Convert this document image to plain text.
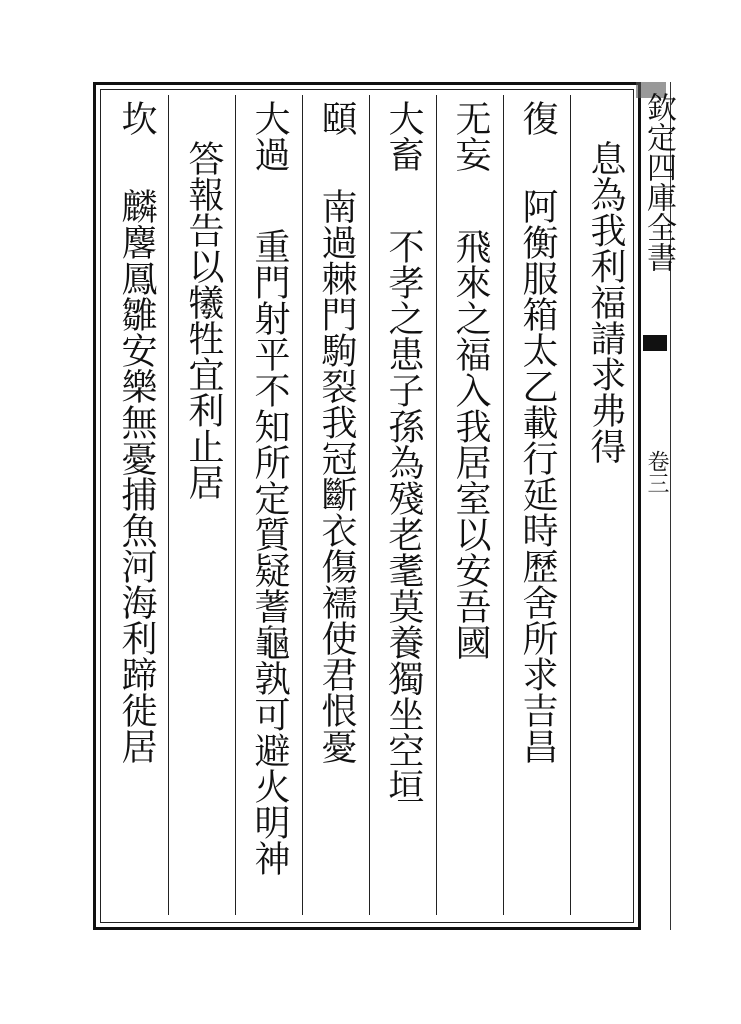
息為我利福請求弗得
復
阿衡服箱太乙載行延時歷舍所求吉昌
无妄
飛來之福入我居室以安吾國
大畜
不孝之患子孫為殘老耄莫養獨坐空垣
頤
南過棘門駒裂我冠斷衣傷襦使君恨憂
大過
重門射平不知所定質疑蓍龜孰可避火明神
答報告以犧牲宜利止居
坎
麟麐鳳雛安樂無憂捕魚河海利蹄徙居
欽定四庫全書
卷三
